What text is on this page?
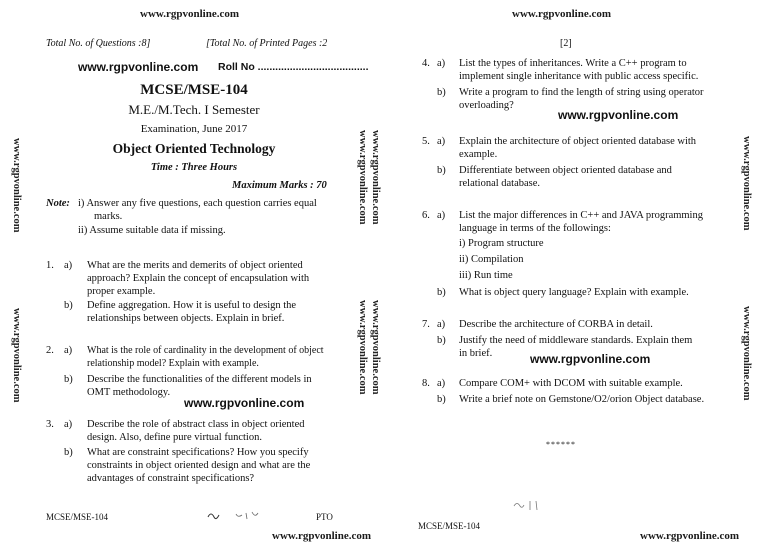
www.rgpvonline.com
www.rgpvonline.com
www.rgpvonline.com
www.rgpvonline.com
www.rgpvonline.com
www.rgpvonline.com
www.rgpvonline.com
www.rgpvonline.com
www.rgpvonline.com
Total No. of Questions :8]	[Total No. of Printed Pages :2
www.rgpvonline.com Roll No ......................................
MCSE/MSE-104
M.E./M.Tech. I Semester
Examination, June 2017
Object Oriented Technology
Time : Three Hours
Maximum Marks : 70
Note: i) Answer any five questions, each question carries equal
marks.
ii) Assume suitable data if missing.
1. a) What are the merits and demerits of object oriented
approach? Explain the concept of encapsulation with
proper example.
b) Define aggregation. How it is useful to design the
relationships between objects. Explain in brief.
2. a) What is the role of cardinality in the development of object
relationship model? Explain with example.
b) Describe the functionalities of the different models in
OMT methodology.
www.rgpvonline.com
3. a) Describe the role of abstract class in object oriented
design. Also, define pure virtual function.
b) What are constraint specifications? How you specify
constraints in object oriented design and what are the
advantages of constraint specifications?
MCSE/MSE-104	PTO
www.rgpvonline.com
www.rgpvonline.com
[2]
4. a) List the types of inheritances. Write a C++ program to
implement single inheritance with public access specific.
b) Write a program to find the length of string using operator
overloading?
www.rgpvonline.com
5. a) Explain the architecture of object oriented database with
example.
b) Differentiate between object oriented database and
relational database.
6. a) List the major differences in C++ and JAVA programming
language in terms of the followings:
i) Program structure
ii) Compilation
iii) Run time
b) What is object query language? Explain with example.
7. a) Describe the architecture of CORBA in detail.
b) Justify the need of middleware standards. Explain them
in brief.	www.rgpvonline.com
8. a) Compare COM+ with DCOM with suitable example.
b) Write a brief note on Gemstone/O2/orion Object database.
******
MCSE/MSE-104
www.rgpvonline.com
